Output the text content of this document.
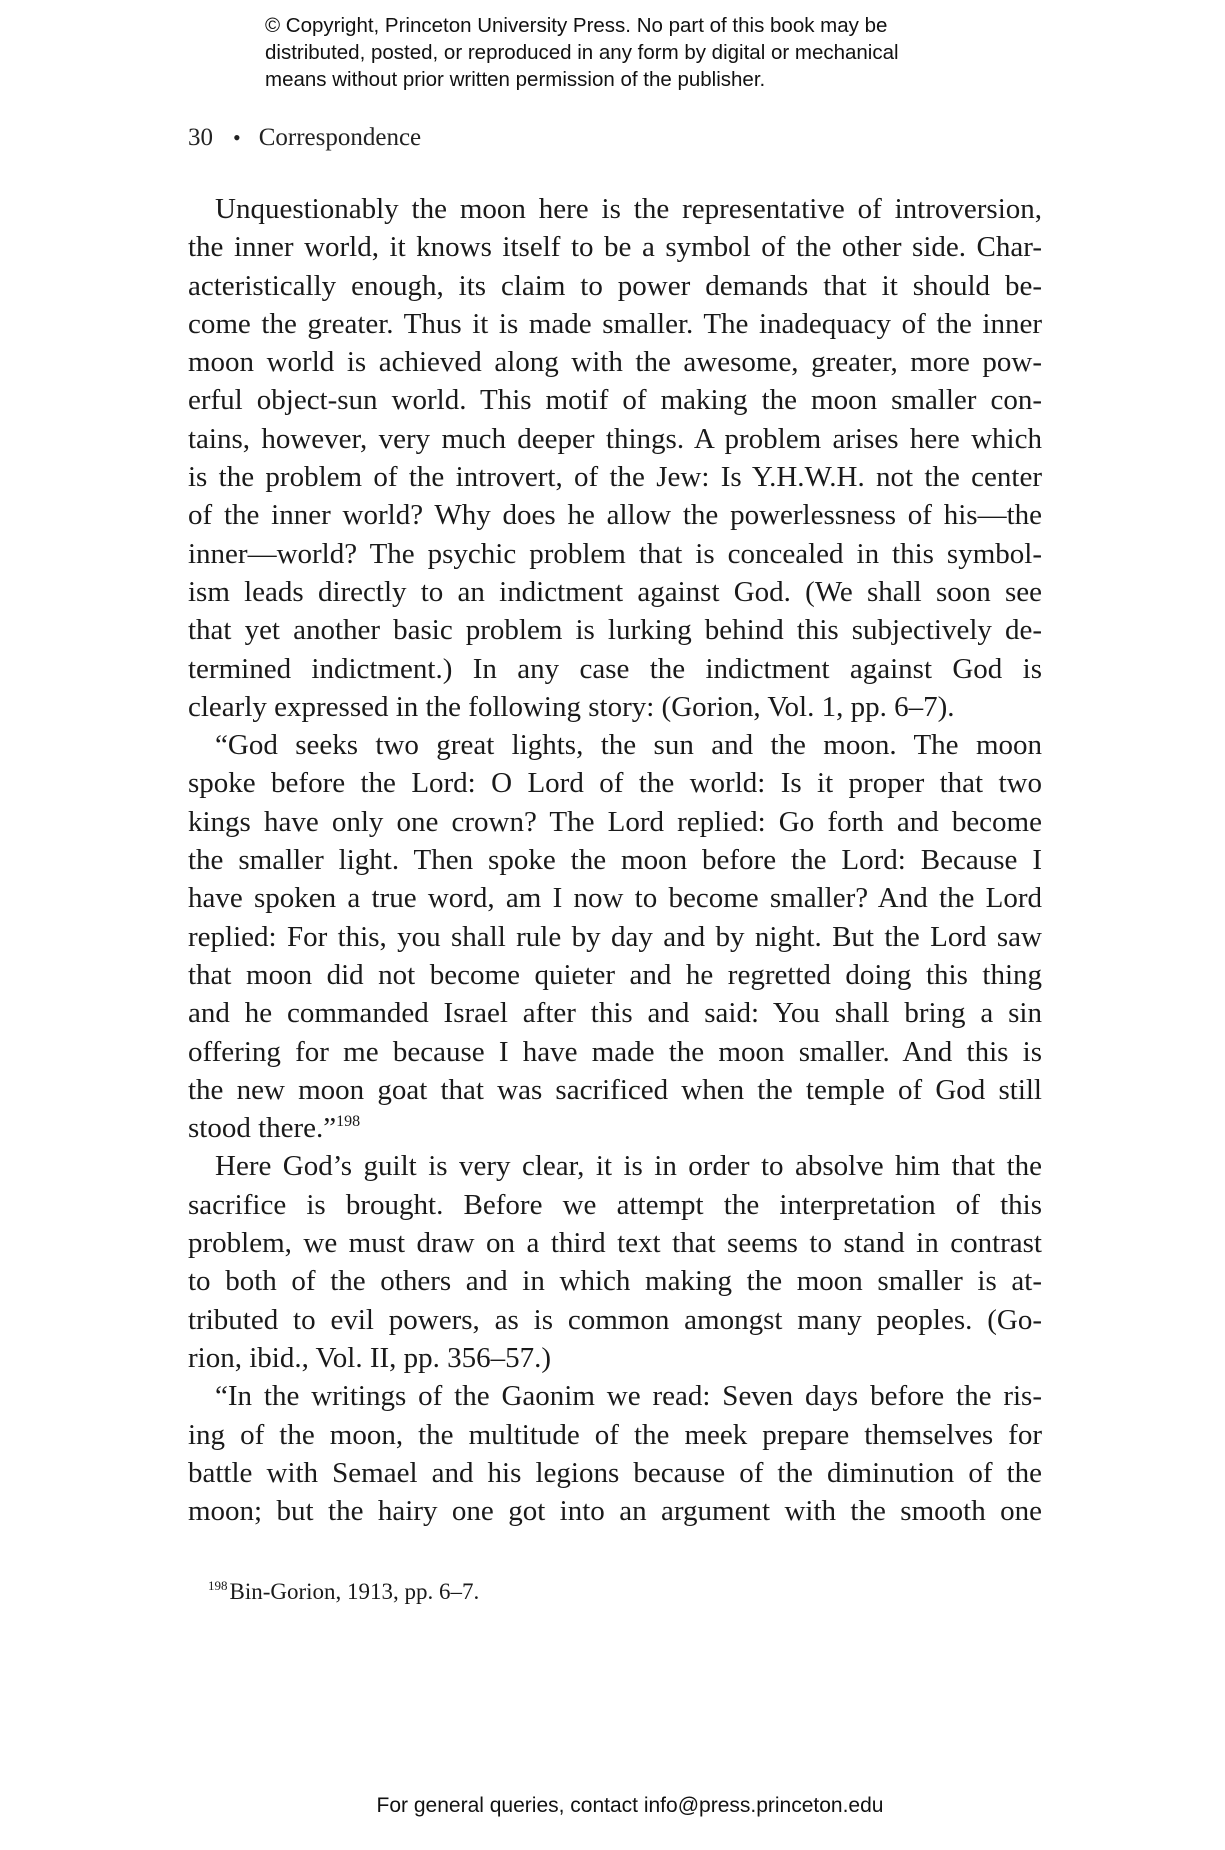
© Copyright, Princeton University Press. No part of this book may be
distributed, posted, or reproduced in any form by digital or mechanical
means without prior written permission of the publisher.
30 • Correspondence
Unquestionably the moon here is the representative of introversion,
the inner world, it knows itself to be a symbol of the other side. Char-
acteristically enough, its claim to power demands that it should be-
come the greater. Thus it is made smaller. The inadequacy of the inner
moon world is achieved along with the awesome, greater, more pow-
erful object-sun world. This motif of making the moon smaller con-
tains, however, very much deeper things. A problem arises here which
is the problem of the introvert, of the Jew: Is Y.H.W.H. not the center
of the inner world? Why does he allow the powerlessness of his—the
inner—world? The psychic problem that is concealed in this symbol-
ism leads directly to an indictment against God. (We shall soon see
that yet another basic problem is lurking behind this subjectively de-
termined indictment.) In any case the indictment against God is
clearly expressed in the following story: (Gorion, Vol. 1, pp. 6–7).
“God seeks two great lights, the sun and the moon. The moon
spoke before the Lord: O Lord of the world: Is it proper that two
kings have only one crown? The Lord replied: Go forth and become
the smaller light. Then spoke the moon before the Lord: Because I
have spoken a true word, am I now to become smaller? And the Lord
replied: For this, you shall rule by day and by night. But the Lord saw
that moon did not become quieter and he regretted doing this thing
and he commanded Israel after this and said: You shall bring a sin
offering for me because I have made the moon smaller. And this is
the new moon goat that was sacrificed when the temple of God still
stood there.”$^{198}$
Here God’s guilt is very clear, it is in order to absolve him that the
sacrifice is brought. Before we attempt the interpretation of this
problem, we must draw on a third text that seems to stand in contrast
to both of the others and in which making the moon smaller is at-
tributed to evil powers, as is common amongst many peoples. (Go-
rion, ibid., Vol. II, pp. 356–57.)
“In the writings of the Gaonim we read: Seven days before the ris-
ing of the moon, the multitude of the meek prepare themselves for
battle with Semael and his legions because of the diminution of the
moon; but the hairy one got into an argument with the smooth one
$^{198}$Bin-Gorion, 1913, pp. 6–7.
For general queries, contact info@press.princeton.edu
